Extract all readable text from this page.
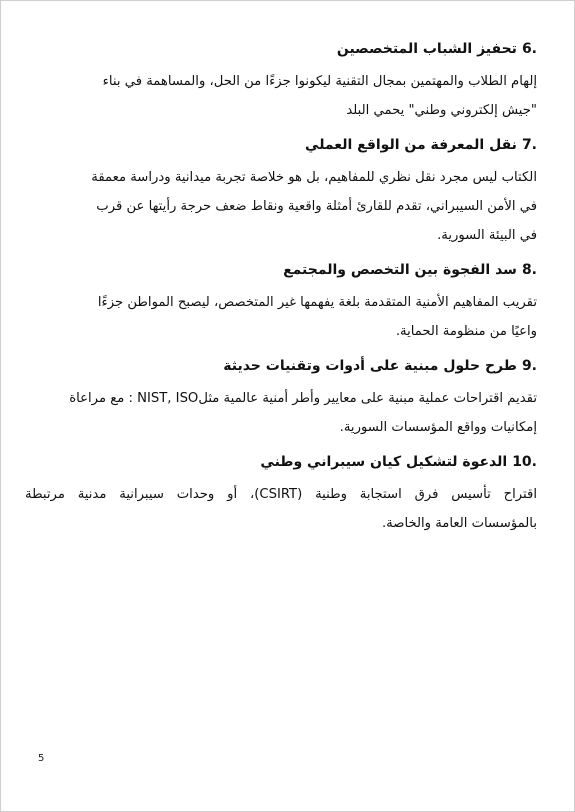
6.تحفيز الشباب المتخصصين
إلهام الطلاب والمهتمين بمجال التقنية ليكونوا جزءًا من الحل، والمساهمة في بناء
"جيش إلكتروني وطني" يحمي البلد
7.نقل المعرفة من الواقع العملي
الكتاب ليس مجرد نقل نظري للمفاهيم، بل هو خلاصة تجربة ميدانية ودراسة معمقة
في الأمن السيبراني، تقدم للقارئ أمثلة واقعية ونقاط ضعف حرجة رأيتها عن قرب
في البيئة السورية.
8.سد الفجوة بين التخصص والمجتمع
تقريب المفاهيم الأمنية المتقدمة بلغة يفهمها غير المتخصص، ليصبح المواطن جزءًا
واعيًا من منظومة الحماية.
9.طرح حلول مبنية على أدوات وتقنيات حديثة
تقديم اقتراحات عملية مبنية على معايير وأطر أمنية عالمية مثلNIST, ISO : مع مراعاة
إمكانيات وواقع المؤسسات السورية.
10.الدعوة لتشكيل كيان سيبراني وطني
اقتراح تأسيس فرق استجابة وطنية (CSIRT)، أو وحدات سيبرانية مدنية مرتبطة
بالمؤسسات العامة والخاصة.
5
